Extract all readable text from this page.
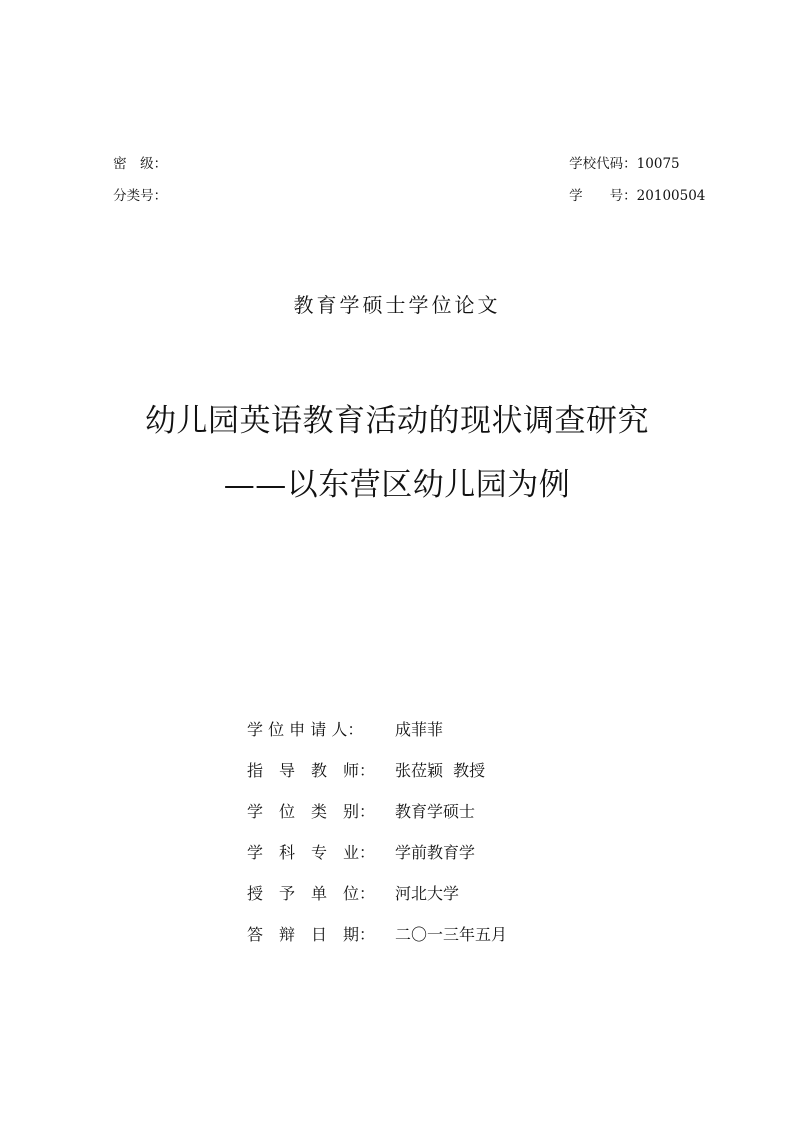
密　级：

分类号：

学校代码：10075

学　　号：20100504

教育学硕士学位论文
幼儿园英语教育活动的现状调查研究
——以东营区幼儿园为例
学 位 申 请 人：	成菲菲
指　导　教　师：	张莅颖  教授
学　位　类　别：	教育学硕士
学　科　专　业：	学前教育学
授　予　单　位：	河北大学
答　辩　日　期：	二〇一三年五月
